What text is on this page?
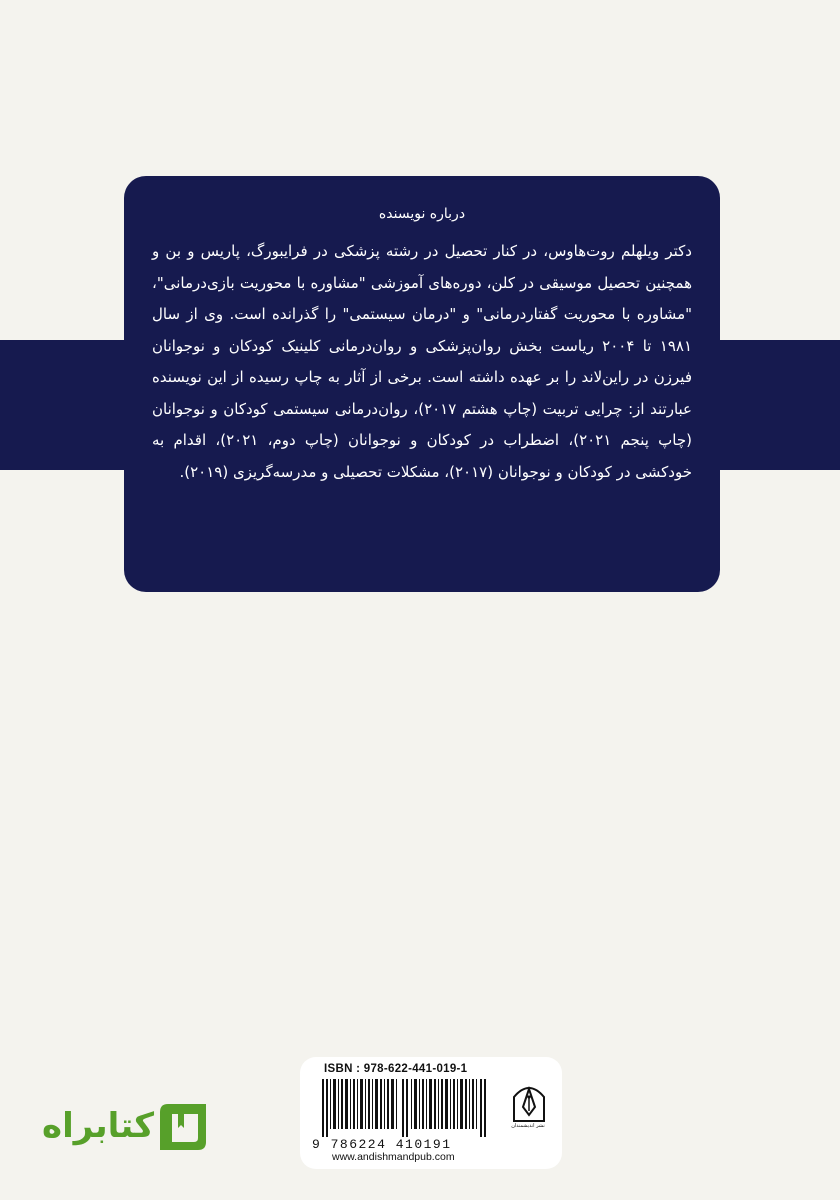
درباره نویسنده

دکتر ویلهلم روت‌هاوس، در کنار تحصیل در رشته پزشکی در فرایبورگ، پاریس و بن و همچنین تحصیل موسیقی در کلن، دوره‌های آموزشی "مشاوره با محوریت بازی‌درمانی"، "مشاوره با محوریت گفتاردرمانی" و "درمان سیستمی" را گذرانده است. وی از سال ۱۹۸۱ تا ۲۰۰۴ ریاست بخش روان‌پزشکی و روان‌درمانی کلینیک کودکان و نوجوانان فیرزن در راین‌لاند را بر عهده داشته است. برخی از آثار به چاپ رسیده از این نویسنده عبارتند از: چرایی تربیت (چاپ هشتم ۲۰۱۷)، روان‌درمانی سیستمی کودکان و نوجوانان (چاپ پنجم ۲۰۲۱)، اضطراب در کودکان و نوجوانان (چاپ دوم، ۲۰۲۱)، اقدام به خودکشی در کودکان و نوجوانان (۲۰۱۷)، مشکلات تحصیلی و مدرسه‌گریزی (۲۰۱۹).

ISBN : 978-622-441-019-1
9 786224 410191
www.andishmandpub.com
نشر اندیشمندان
کتابراه
